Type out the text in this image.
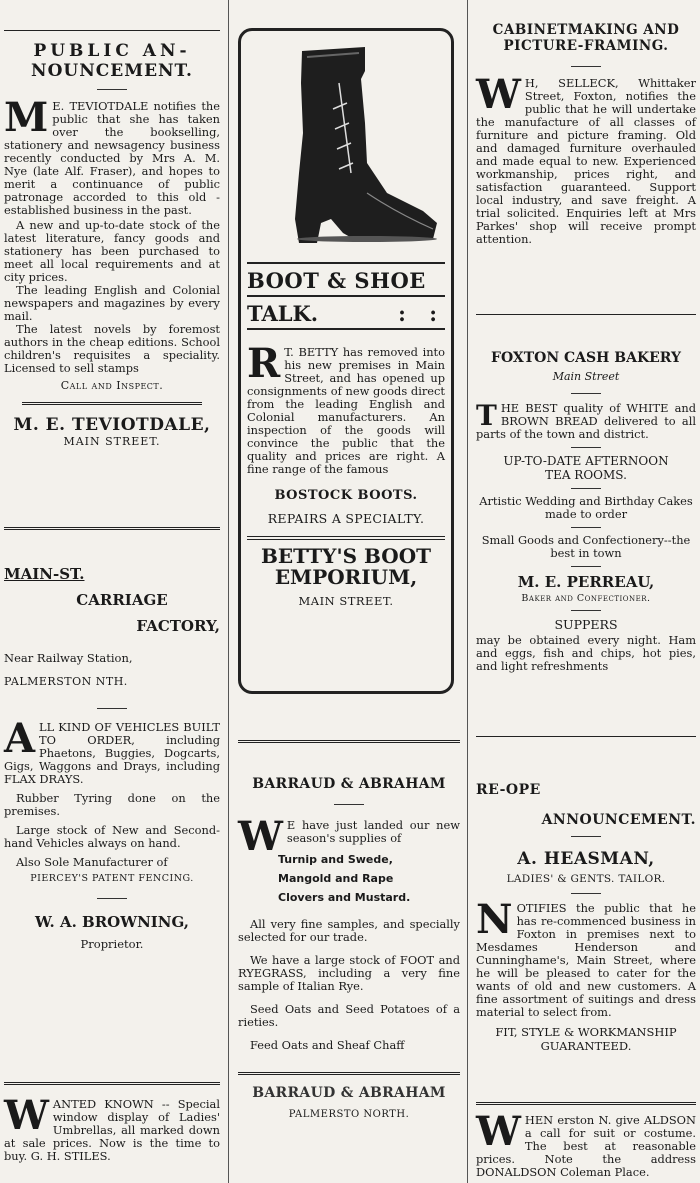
PUBLIC AN-
NOUNCEMENT.

M E. TEVIOTDALE notifies the public that she has taken over the bookselling, stationery and newsagency business recently conducted by Mrs A. M. Nye (late Alf. Fraser), and hopes to merit a continuance of public patronage accorded to this old - established business in the past.

A new and up-to-date stock of the latest literature, fancy goods and stationery has been purchased to meet all local requirements and at city prices.

The leading English and Colonial newspapers and magazines by every mail.

The latest novels by foremost authors in the cheap editions. School children's requisites a speciality. Licensed to sell stamps

Call and Inspect.
M. E. TEVIOTDALE,
MAIN STREET.
MAIN-ST.
CARRIAGE
FACTORY,
Near Railway Station,
PALMERSTON NTH.

ALL KIND OF VEHICLES BUILT TO ORDER, including Phaetons, Buggies, Dogcarts, Gigs, Waggons and Drays, including FLAX DRAYS.

Rubber Tyring done on the premises.

Large stock of New and Second-hand Vehicles always on hand.

Also Sole Manufacturer of

PIERCEY'S PATENT FENCING.

W. A. BROWNING,
Proprietor.

WANTED KNOWN -- Special window display of Ladies' Umbrellas, all marked down at sale prices. Now is the time to buy. G. H. STILES.

BOOT & SHOE
TALK.	: :

R T. BETTY has removed into his new premises in Main Street, and has opened up consignments of new goods direct from the leading English and Colonial manufacturers. An inspection of the goods will convince the public that the quality and prices are right. A fine range of the famous

BOSTOCK BOOTS.
REPAIRS A SPECIALTY.
BETTY'S BOOT
EMPORIUM,
MAIN STREET.
BARRAUD & ABRAHAM

W E have just landed our new season's supplies of

Turnip and Swede,
Mangold and Rape
Clovers and Mustard.

All very fine samples, and specially selected for our trade.

We have a large stock of FOOT and RYEGRASS, including a very fine sample of Italian Rye.

Seed Oats and Seed Potatoes of a rieties.

Feed Oats and Sheaf Chaff

BARRAUD & ABRAHAM
PALMERSTO NORTH.
CABINETMAKING AND
PICTURE-FRAMING.

W H, SELLECK, Whittaker Street, Foxton, notifies the public that he will undertake the manufacture of all classes of furniture and picture framing. Old and damaged furniture overhauled and made equal to new. Experienced workmanship, prices right, and satisfaction guaranteed. Support local industry, and save freight. A trial solicited. Enquiries left at Mrs Parkes' shop will receive prompt attention.

FOXTON CASH BAKERY
Main Street

THE BEST quality of WHITE and BROWN BREAD delivered to all parts of the town and district.

UP-TO-DATE AFTERNOON
TEA ROOMS.

Artistic Wedding and Birthday Cakes made to order

Small Goods and Confectionery--the best in town

M. E. PERREAU,
Baker and Confectioner.
SUPPERS

may be obtained every night. Ham and eggs, fish and chips, hot pies, and light refreshments

RE-OPE
ANNOUNCEMENT.
A. HEASMAN,
LADIES' & GENTS. TAILOR.

NOTIFIES the public that he has re-commenced business in Foxton in premises next to Mesdames Henderson and Cunninghame's, Main Street, where he will be pleased to cater for the wants of old and new customers. A fine assortment of suitings and dress material to select from.

FIT, STYLE & WORKMANSHIP
GUARANTEED.

WHEN erston N. give ALDSON a call for suit or costume. The best at reasonable prices. Note the address DONALDSON Coleman Place.
